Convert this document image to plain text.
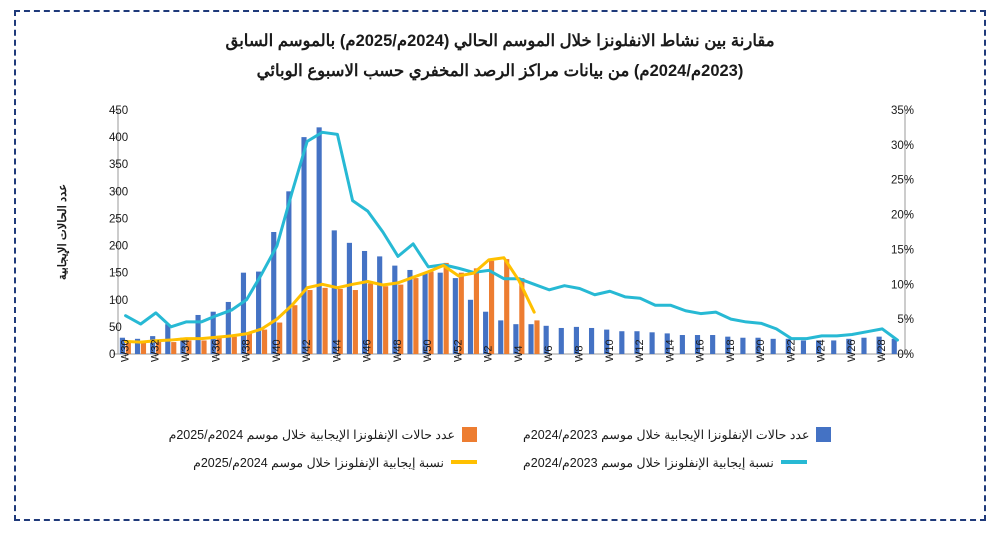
مقارنة بين نشاط الانفلونزا خلال الموسم الحالي (2024م/2025م) بالموسم السابق
(2023م/2024م) من بيانات مراكز الرصد المخفري حسب الاسبوع الوبائي
0
50
100
150
200
250
300
350
400
450
0%
5%
10%
15%
20%
25%
30%
35%
عدد الحالات الإيجابية
W30 W32 W34 W36 W38 W40 W42 W44 W46 W48 W50 W52 W2 W4 W6 W8 W10 W12 W14 W16 W18 W20 W22 W24 W26 W28
عدد حالات الإنفلونزا الإيجابية خلال موسم 2023م/2024م
عدد حالات الإنفلونزا الإيجابية خلال موسم 2024م/2025م
نسبة إيجابية الإنفلونزا خلال موسم 2023م/2024م
نسبة إيجابية الإنفلونزا خلال موسم 2024م/2025م
